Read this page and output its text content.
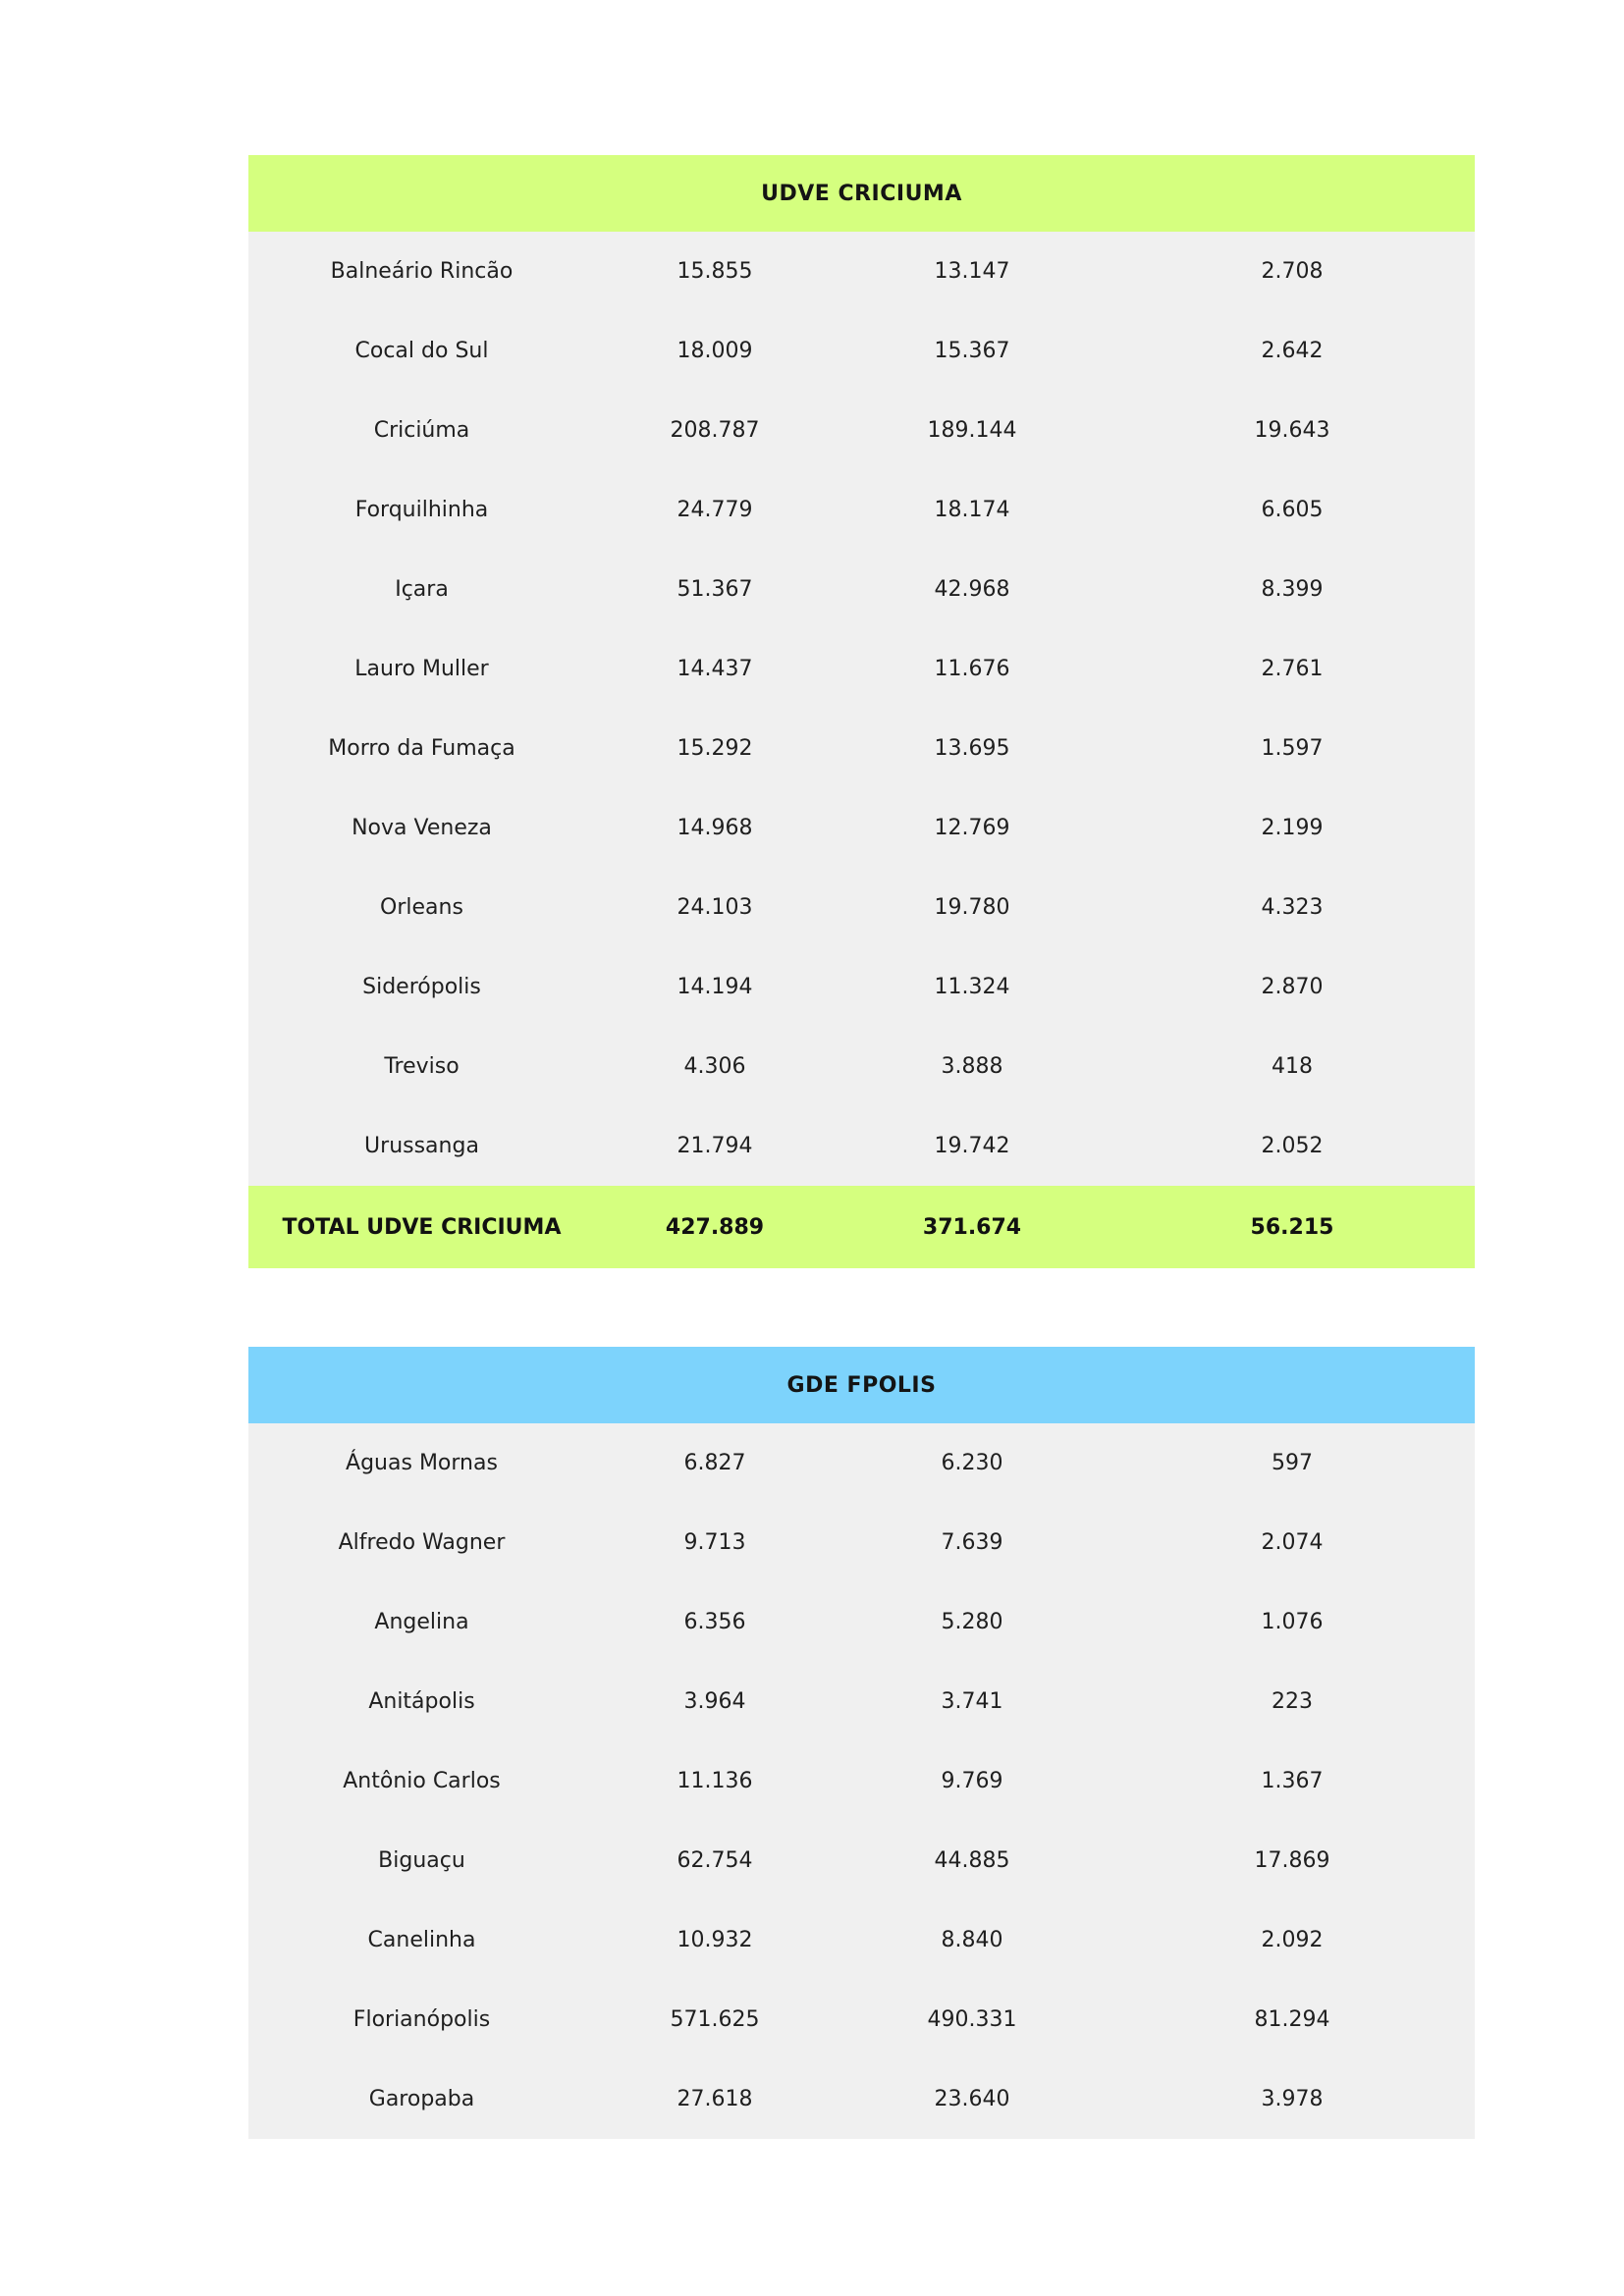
UDVE CRICIUMA
Balneário Rincão	15.855	13.147	2.708
Cocal do Sul	18.009	15.367	2.642
Criciúma	208.787	189.144	19.643
Forquilhinha	24.779	18.174	6.605
Içara	51.367	42.968	8.399
Lauro Muller	14.437	11.676	2.761
Morro da Fumaça	15.292	13.695	1.597
Nova Veneza	14.968	12.769	2.199
Orleans	24.103	19.780	4.323
Siderópolis	14.194	11.324	2.870
Treviso	4.306	3.888	418
Urussanga	21.794	19.742	2.052
TOTAL UDVE CRICIUMA	427.889	371.674	56.215
GDE FPOLIS
Águas Mornas	6.827	6.230	597
Alfredo Wagner	9.713	7.639	2.074
Angelina	6.356	5.280	1.076
Anitápolis	3.964	3.741	223
Antônio Carlos	11.136	9.769	1.367
Biguaçu	62.754	44.885	17.869
Canelinha	10.932	8.840	2.092
Florianópolis	571.625	490.331	81.294
Garopaba	27.618	23.640	3.978
